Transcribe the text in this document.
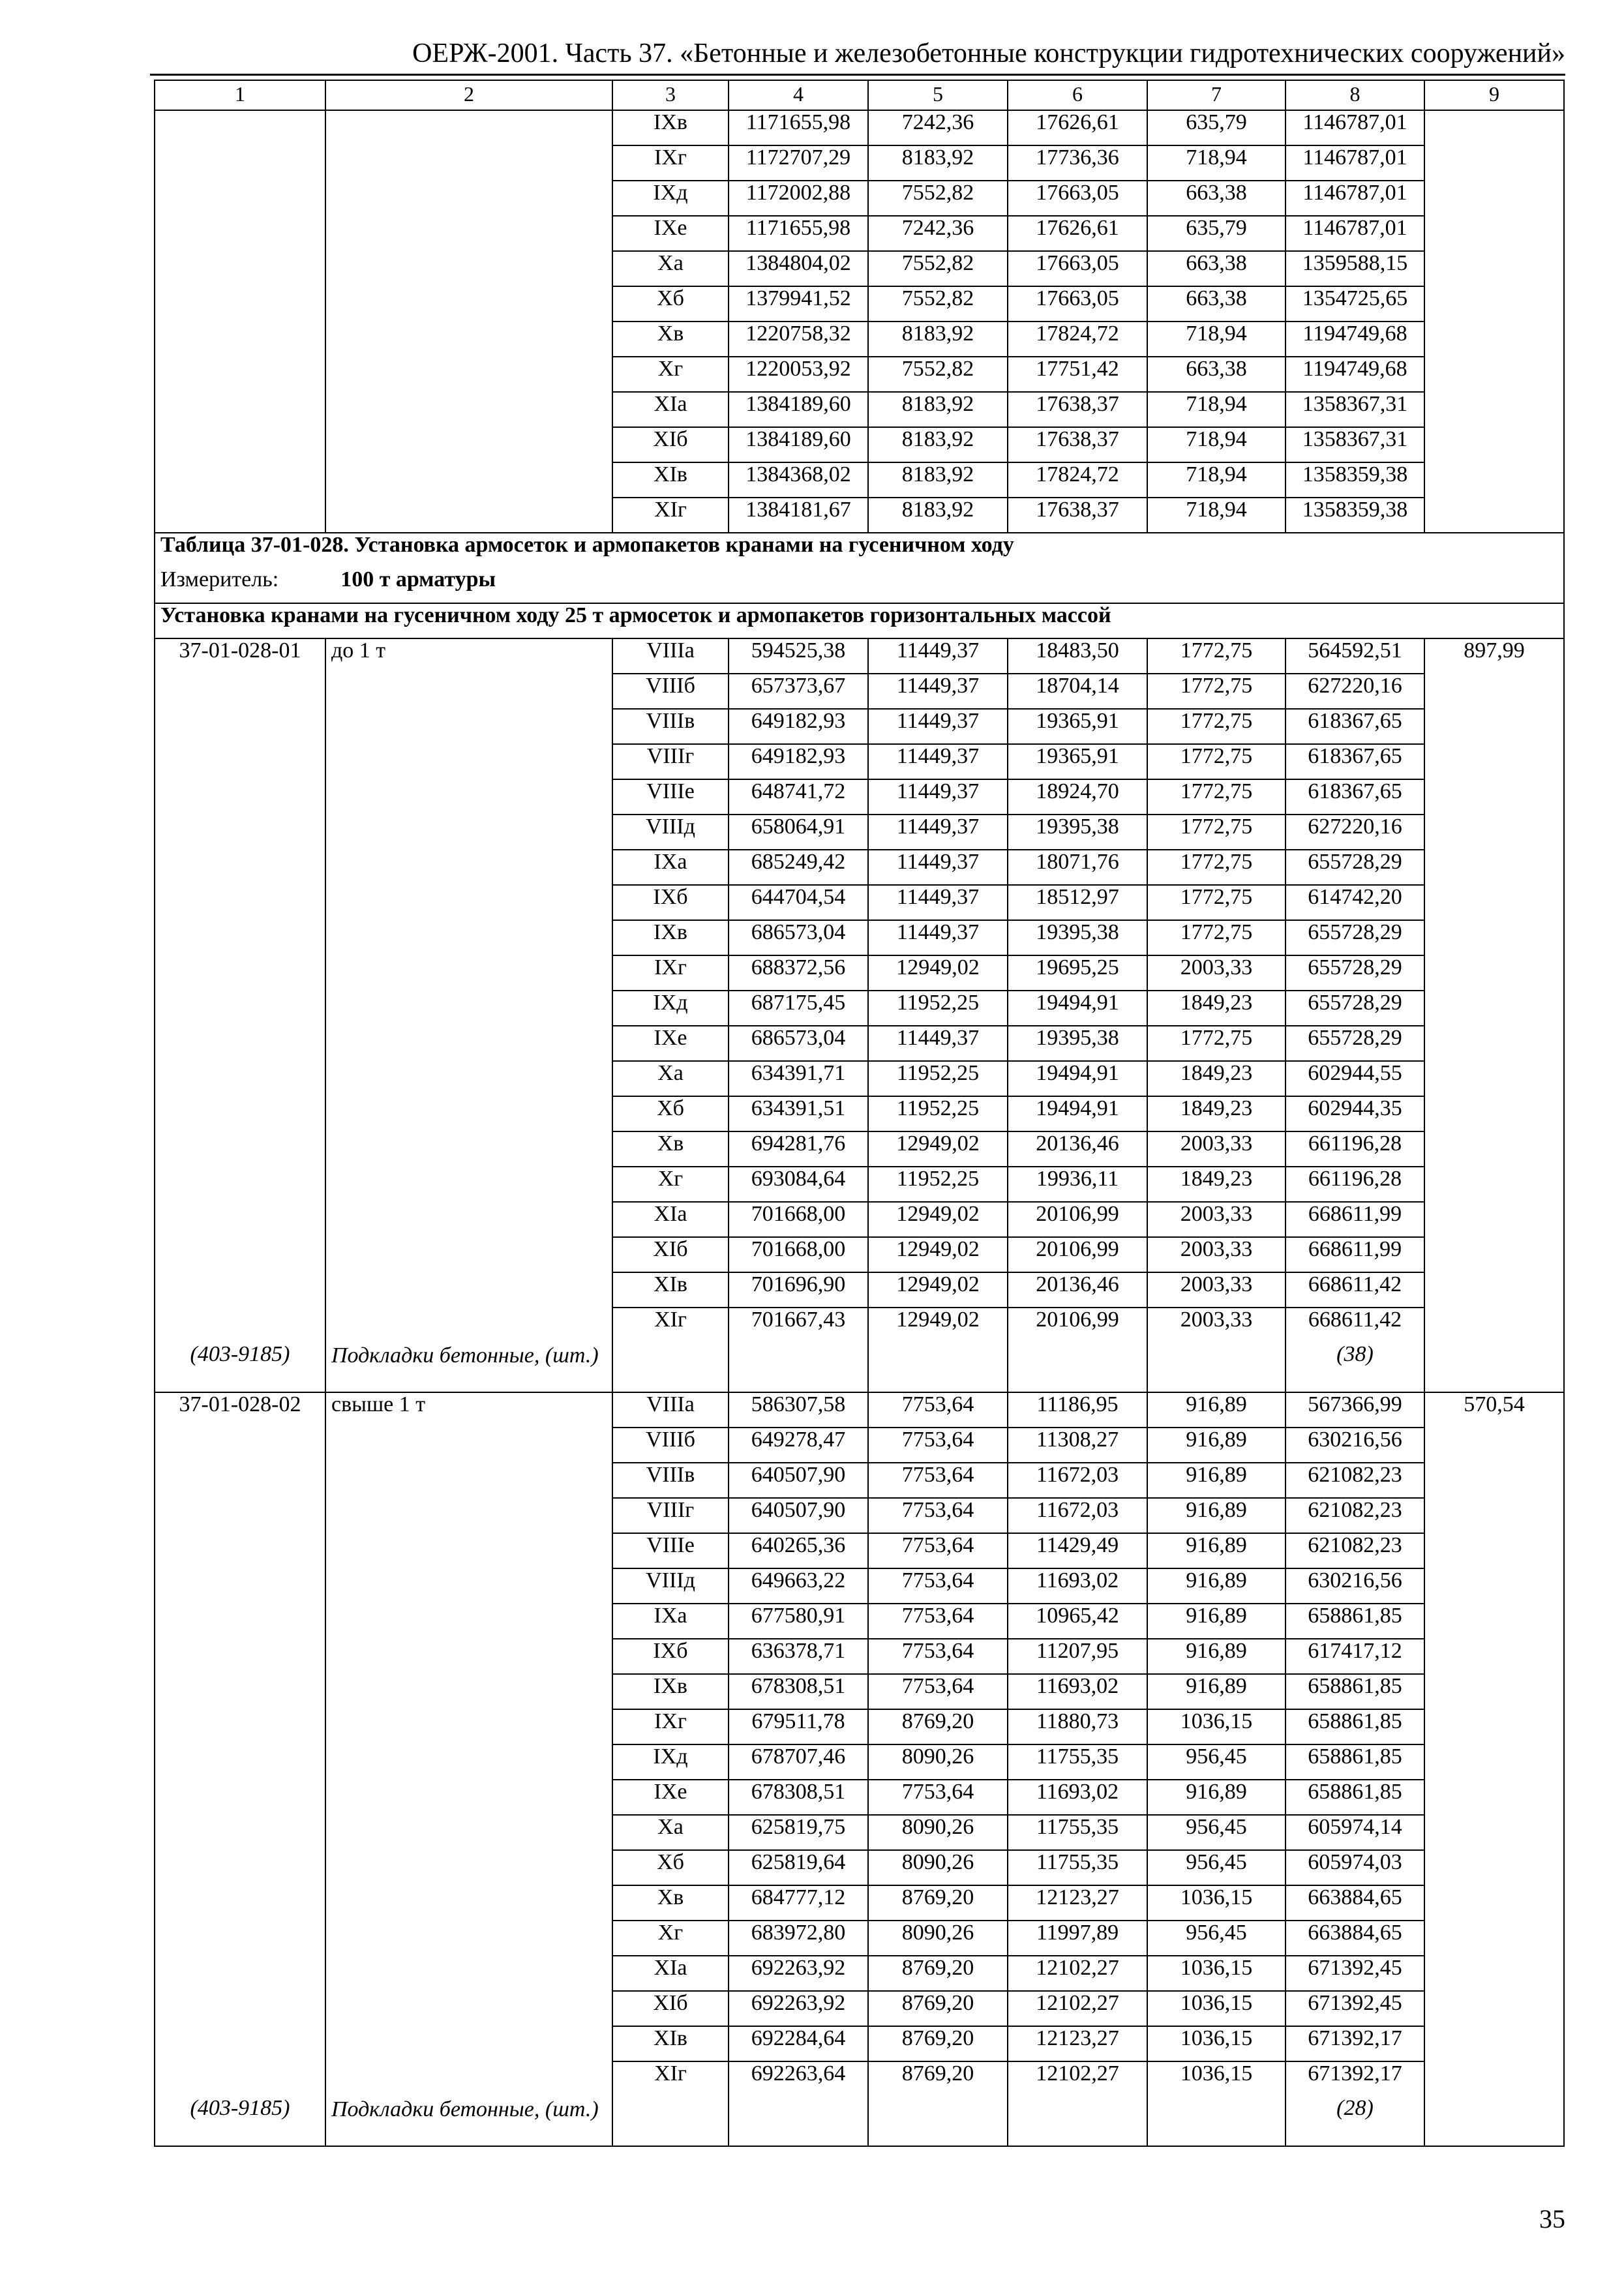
ОЕРЖ-2001. Часть 37. «Бетонные и железобетонные конструкции гидротехнических сооружений»
1	2	3	4	5	6	7	8	9
		IXв	1171655,98	7242,36	17626,61	635,79	1146787,01	
		IXг	1172707,29	8183,92	17736,36	718,94	1146787,01	
		IXд	1172002,88	7552,82	17663,05	663,38	1146787,01	
		IXе	1171655,98	7242,36	17626,61	635,79	1146787,01	
		Xа	1384804,02	7552,82	17663,05	663,38	1359588,15	
		Xб	1379941,52	7552,82	17663,05	663,38	1354725,65	
		Xв	1220758,32	8183,92	17824,72	718,94	1194749,68	
		Xг	1220053,92	7552,82	17751,42	663,38	1194749,68	
		XIа	1384189,60	8183,92	17638,37	718,94	1358367,31	
		XIб	1384189,60	8183,92	17638,37	718,94	1358367,31	
		XIв	1384368,02	8183,92	17824,72	718,94	1358359,38	
		XIг	1384181,67	8183,92	17638,37	718,94	1358359,38	
Таблица 37-01-028. Установка армосеток и армопакетов кранами на гусеничном ходу								
Измеритель: 100 т арматуры								
Установка кранами на гусеничном ходу 25 т армосеток и армопакетов горизонтальных массой								
37-01-028-01	до 1 т	VIIIа	594525,38	11449,37	18483,50	1772,75	564592,51	897,99
		VIIIб	657373,67	11449,37	18704,14	1772,75	627220,16	
		VIIIв	649182,93	11449,37	19365,91	1772,75	618367,65	
		VIIIг	649182,93	11449,37	19365,91	1772,75	618367,65	
		VIIIе	648741,72	11449,37	18924,70	1772,75	618367,65	
		VIIIд	658064,91	11449,37	19395,38	1772,75	627220,16	
		IXа	685249,42	11449,37	18071,76	1772,75	655728,29	
		IXб	644704,54	11449,37	18512,97	1772,75	614742,20	
		IXв	686573,04	11449,37	19395,38	1772,75	655728,29	
		IXг	688372,56	12949,02	19695,25	2003,33	655728,29	
		IXд	687175,45	11952,25	19494,91	1849,23	655728,29	
		IXе	686573,04	11449,37	19395,38	1772,75	655728,29	
		Xа	634391,71	11952,25	19494,91	1849,23	602944,55	
		Xб	634391,51	11952,25	19494,91	1849,23	602944,35	
		Xв	694281,76	12949,02	20136,46	2003,33	661196,28	
		Xг	693084,64	11952,25	19936,11	1849,23	661196,28	
		XIа	701668,00	12949,02	20106,99	2003,33	668611,99	
		XIб	701668,00	12949,02	20106,99	2003,33	668611,99	
		XIв	701696,90	12949,02	20136,46	2003,33	668611,42	
		XIг	701667,43	12949,02	20106,99	2003,33	668611,42	
(403-9185)	Подкладки бетонные, (шт.)						(38)	
37-01-028-02	свыше 1 т	VIIIа	586307,58	7753,64	11186,95	916,89	567366,99	570,54
		VIIIб	649278,47	7753,64	11308,27	916,89	630216,56	
		VIIIв	640507,90	7753,64	11672,03	916,89	621082,23	
		VIIIг	640507,90	7753,64	11672,03	916,89	621082,23	
		VIIIе	640265,36	7753,64	11429,49	916,89	621082,23	
		VIIIд	649663,22	7753,64	11693,02	916,89	630216,56	
		IXа	677580,91	7753,64	10965,42	916,89	658861,85	
		IXб	636378,71	7753,64	11207,95	916,89	617417,12	
		IXв	678308,51	7753,64	11693,02	916,89	658861,85	
		IXг	679511,78	8769,20	11880,73	1036,15	658861,85	
		IXд	678707,46	8090,26	11755,35	956,45	658861,85	
		IXе	678308,51	7753,64	11693,02	916,89	658861,85	
		Xа	625819,75	8090,26	11755,35	956,45	605974,14	
		Xб	625819,64	8090,26	11755,35	956,45	605974,03	
		Xв	684777,12	8769,20	12123,27	1036,15	663884,65	
		Xг	683972,80	8090,26	11997,89	956,45	663884,65	
		XIа	692263,92	8769,20	12102,27	1036,15	671392,45	
		XIб	692263,92	8769,20	12102,27	1036,15	671392,45	
		XIв	692284,64	8769,20	12123,27	1036,15	671392,17	
		XIг	692263,64	8769,20	12102,27	1036,15	671392,17	
(403-9185)	Подкладки бетонные, (шт.)						(28)	
35
